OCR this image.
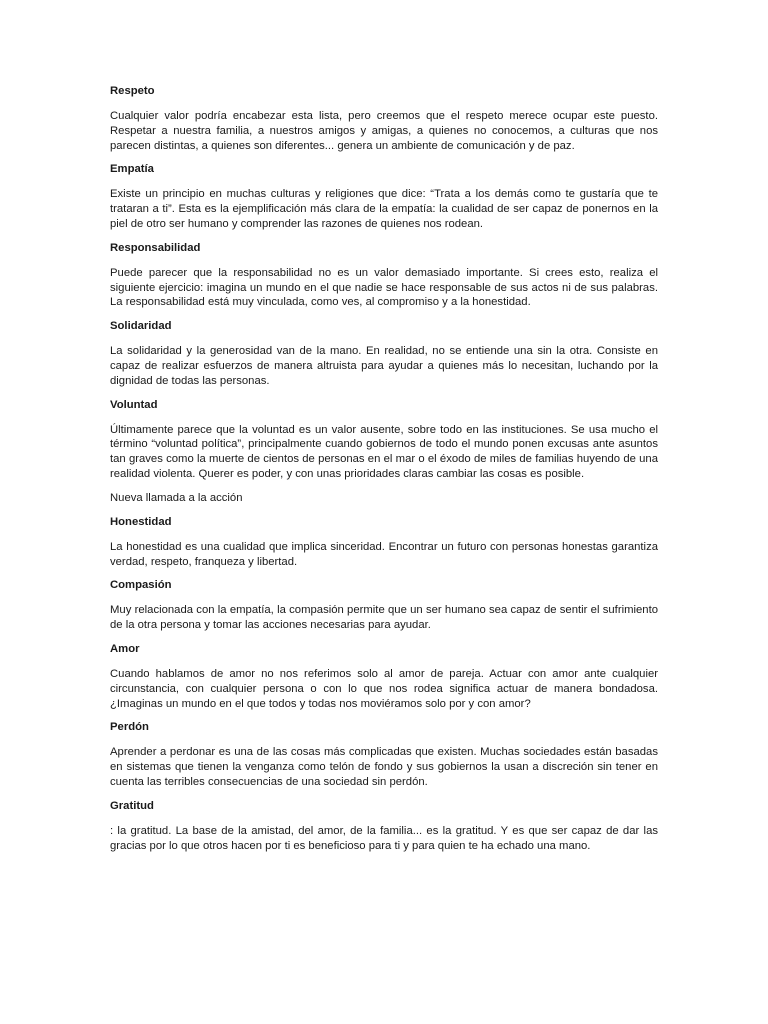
Respeto
Cualquier valor podría encabezar esta lista, pero creemos que el respeto merece ocupar este puesto. Respetar a nuestra familia, a nuestros amigos y amigas, a quienes no conocemos, a culturas que nos parecen distintas, a quienes son diferentes... genera un ambiente de comunicación y de paz.
Empatía
Existe un principio en muchas culturas y religiones que dice: “Trata a los demás como te gustaría que te trataran a ti”. Esta es la ejemplificación más clara de la empatía: la cualidad de ser capaz de ponernos en la piel de otro ser humano y comprender las razones de quienes nos rodean.
Responsabilidad
Puede parecer que la responsabilidad no es un valor demasiado importante. Si crees esto, realiza el siguiente ejercicio: imagina un mundo en el que nadie se hace responsable de sus actos ni de sus palabras. La responsabilidad está muy vinculada, como ves, al compromiso y a la honestidad.
Solidaridad
La solidaridad y la generosidad van de la mano. En realidad, no se entiende una sin la otra. Consiste en capaz de realizar esfuerzos de manera altruista para ayudar a quienes más lo necesitan, luchando por la dignidad de todas las personas.
Voluntad
Últimamente parece que la voluntad es un valor ausente, sobre todo en las instituciones. Se usa mucho el término “voluntad política”, principalmente cuando gobiernos de todo el mundo ponen excusas ante asuntos tan graves como la muerte de cientos de personas en el mar o el éxodo de miles de familias huyendo de una realidad violenta. Querer es poder, y con unas prioridades claras cambiar las cosas es posible.
Nueva llamada a la acción
Honestidad
La honestidad es una cualidad que implica sinceridad. Encontrar un futuro con personas honestas garantiza verdad, respeto, franqueza y libertad.
Compasión
Muy relacionada con la empatía, la compasión permite que un ser humano sea capaz de sentir el sufrimiento de la otra persona y tomar las acciones necesarias para ayudar.
Amor
Cuando hablamos de amor no nos referimos solo al amor de pareja. Actuar con amor ante cualquier circunstancia, con cualquier persona o con lo que nos rodea significa actuar de manera bondadosa. ¿Imaginas un mundo en el que todos y todas nos moviéramos solo por y con amor?
Perdón
Aprender a perdonar es una de las cosas más complicadas que existen. Muchas sociedades están basadas en sistemas que tienen la venganza como telón de fondo y sus gobiernos la usan a discreción sin tener en cuenta las terribles consecuencias de una sociedad sin perdón.
Gratitud
: la gratitud. La base de la amistad, del amor, de la familia... es la gratitud. Y es que ser capaz de dar las gracias por lo que otros hacen por ti es beneficioso para ti y para quien te ha echado una mano.
